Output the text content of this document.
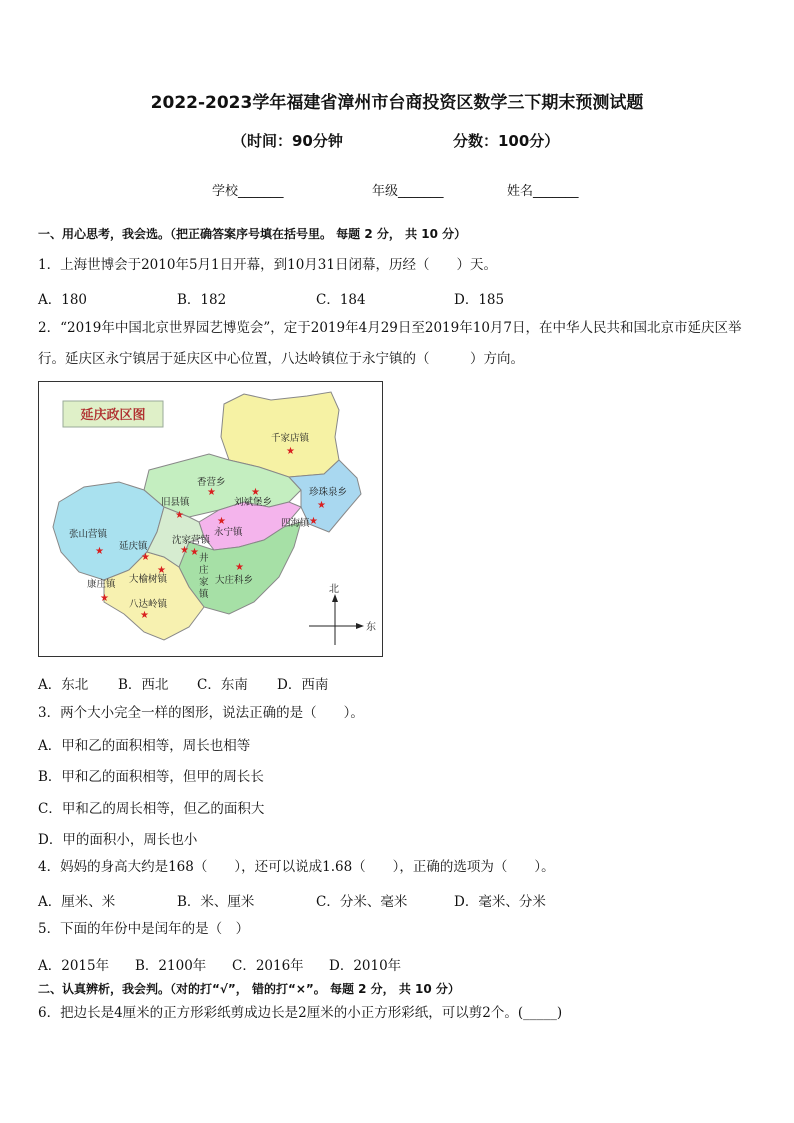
2022-2023学年福建省漳州市台商投资区数学三下期末预测试题
（时间：90分钟	分数：100分）
学校_______	年级_______	姓名_______
一、用心思考，我会选。（把正确答案序号填在括号里。 每题 2 分， 共 10 分）
1．上海世博会于2010年5月1日开幕，到10月31日闭幕，历经（　　）天。
A．180	B．182	C．184	D．185
2．“2019年中国北京世界园艺博览会”，定于2019年4月29日至2019年10月7日，在中华人民共和国北京市延庆区举行。延庆区永宁镇居于延庆区中心位置，八达岭镇位于永宁镇的（　　　）方向。
延庆政区图
千家店镇
香营乡
旧县镇	刘斌堡乡
珍珠泉乡
四海镇
张山营镇
延庆镇
沈家营镇
永宁镇
井
庄
家
镇
大榆树镇	大庄科乡
康庄镇
八达岭镇
★
★
★
★
★
★
★
★
★
★
★
★	★
★
★
北
东
A．东北 B．西北 C．东南 D．西南
3．两个大小完全一样的图形，说法正确的是（　　）。
A．甲和乙的面积相等，周长也相等
B．甲和乙的面积相等，但甲的周长长
C．甲和乙的周长相等，但乙的面积大
D．甲的面积小，周长也小
4．妈妈的身高大约是168（　　），还可以说成1.68（　　），正确的选项为（　　）。
A．厘米、米	B．米、厘米	C．分米、毫米	D．毫米、分米
5．下面的年份中是闰年的是（　）
A．2015年 B．2100年 C．2016年 D．2010年
二、认真辨析，我会判。（对的打“√”， 错的打“×”。 每题 2 分， 共 10 分）
6．把边长是4厘米的正方形彩纸剪成边长是2厘米的小正方形彩纸，可以剪2个。(_____)
